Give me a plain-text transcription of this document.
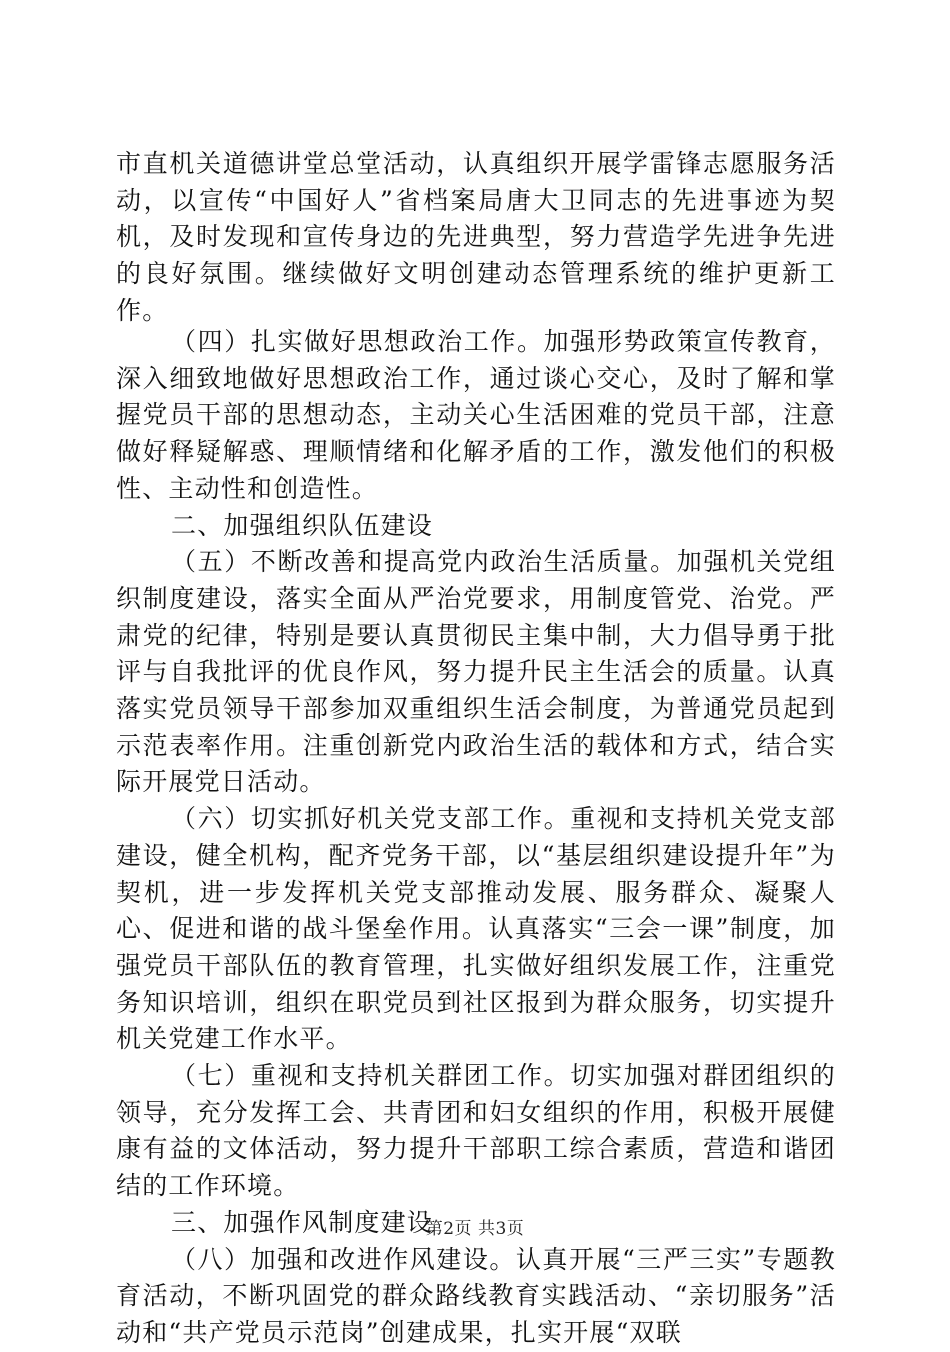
市直机关道德讲堂总堂活动，认真组织开展学雷锋志愿服务活动，以宣传“中国好人”省档案局唐大卫同志的先进事迹为契机，及时发现和宣传身边的先进典型，努力营造学先进争先进的良好氛围。继续做好文明创建动态管理系统的维护更新工作。

（四）扎实做好思想政治工作。加强形势政策宣传教育，深入细致地做好思想政治工作，通过谈心交心，及时了解和掌握党员干部的思想动态，主动关心生活困难的党员干部，注意做好释疑解惑、理顺情绪和化解矛盾的工作，激发他们的积极性、主动性和创造性。

二、加强组织队伍建设

（五）不断改善和提高党内政治生活质量。加强机关党组织制度建设，落实全面从严治党要求，用制度管党、治党。严肃党的纪律，特别是要认真贯彻民主集中制，大力倡导勇于批评与自我批评的优良作风，努力提升民主生活会的质量。认真落实党员领导干部参加双重组织生活会制度，为普通党员起到示范表率作用。注重创新党内政治生活的载体和方式，结合实际开展党日活动。

（六）切实抓好机关党支部工作。重视和支持机关党支部建设，健全机构，配齐党务干部，以“基层组织建设提升年”为契机，进一步发挥机关党支部推动发展、服务群众、凝聚人心、促进和谐的战斗堡垒作用。认真落实“三会一课”制度，加强党员干部队伍的教育管理，扎实做好组织发展工作，注重党务知识培训，组织在职党员到社区报到为群众服务，切实提升机关党建工作水平。

（七）重视和支持机关群团工作。切实加强对群团组织的领导，充分发挥工会、共青团和妇女组织的作用，积极开展健康有益的文体活动，努力提升干部职工综合素质，营造和谐团结的工作环境。

三、加强作风制度建设

（八）加强和改进作风建设。认真开展“三严三实”专题教育活动，不断巩固党的群众路线教育实践活动、“亲切服务”活动和“共产党员示范岗”创建成果，扎实开展“双联

第2页 共3页
